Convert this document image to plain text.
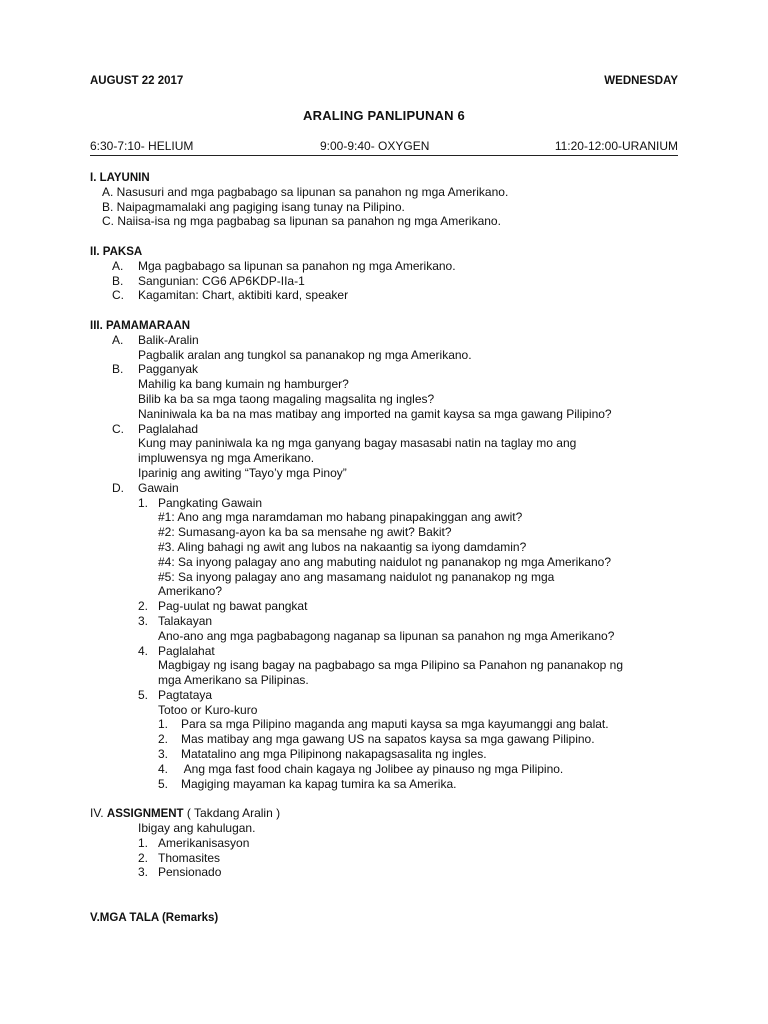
AUGUST 22 2017	WEDNESDAY
ARALING PANLIPUNAN 6
6:30-7:10- HELIUM	9:00-9:40- OXYGEN	11:20-12:00-URANIUM
I. LAYUNIN
A. Nasusuri and mga pagbabago sa lipunan sa panahon ng mga Amerikano.
B. Naipagmamalaki ang pagiging isang tunay na Pilipino.
C. Naiisa-isa ng mga pagbabag sa lipunan sa panahon ng mga Amerikano.
II. PAKSA
A. Mga pagbabago sa lipunan sa panahon ng mga Amerikano.
B. Sangunian: CG6 AP6KDP-IIa-1
C. Kagamitan: Chart, aktibiti kard, speaker
III. PAMAMARAAN
A. Balik-Aralin
Pagbalik aralan ang tungkol sa pananakop ng mga Amerikano.
B. Pagganyak
Mahilig ka bang kumain ng hamburger?
Bilib ka ba sa mga taong magaling magsalita ng ingles?
Naniniwala ka ba na mas matibay ang imported na gamit kaysa sa mga gawang Pilipino?
C. Paglalahad
Kung may paniniwala ka ng mga ganyang bagay masasabi natin na taglay mo ang
impluwensya ng mga Amerikano.
Iparinig ang awiting “Tayo’y mga Pinoy”
D. Gawain
1. Pangkating Gawain
#1: Ano ang mga naramdaman mo habang pinapakinggan ang awit?
#2: Sumasang-ayon ka ba sa mensahe ng awit? Bakit?
#3. Aling bahagi ng awit ang lubos na nakaantig sa iyong damdamin?
#4: Sa inyong palagay ano ang mabuting naidulot ng pananakop ng mga Amerikano?
#5: Sa inyong palagay ano ang masamang naidulot ng pananakop ng mga
Amerikano?
2. Pag-uulat ng bawat pangkat
3. Talakayan
Ano-ano ang mga pagbabagong naganap sa lipunan sa panahon ng mga Amerikano?
4. Paglalahat
Magbigay ng isang bagay na pagbabago sa mga Pilipino sa Panahon ng pananakop ng
mga Amerikano sa Pilipinas.
5. Pagtataya
Totoo or Kuro-kuro
1. Para sa mga Pilipino maganda ang maputi kaysa sa mga kayumanggi ang balat.
2. Mas matibay ang mga gawang US na sapatos kaysa sa mga gawang Pilipino.
3. Matatalino ang mga Pilipinong nakapagsasalita ng ingles.
4. Ang mga fast food chain kagaya ng Jolibee ay pinauso ng mga Pilipino.
5. Magiging mayaman ka kapag tumira ka sa Amerika.
IV. ASSIGNMENT ( Takdang Aralin )
Ibigay ang kahulugan.
1. Amerikanisasyon
2. Thomasites
3. Pensionado
V.MGA TALA (Remarks)
